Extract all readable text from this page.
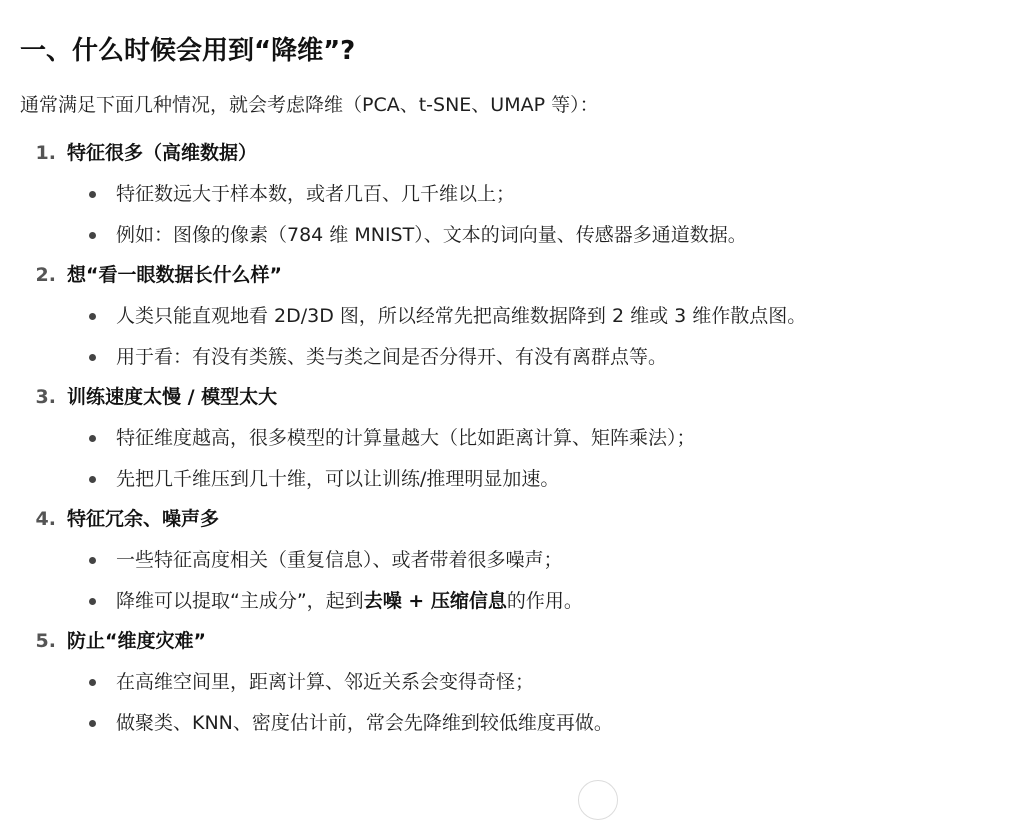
一、什么时候会用到“降维”?

通常满足下面几种情况，就会考虑降维（PCA、t-SNE、UMAP 等）：

1. 特征很多（高维数据）
特征数远大于样本数，或者几百、几千维以上；
例如：图像的像素（784 维 MNIST）、文本的词向量、传感器多通道数据。
2. 想“看一眼数据长什么样”
人类只能直观地看 2D/3D 图，所以经常先把高维数据降到 2 维或 3 维作散点图。
用于看：有没有类簇、类与类之间是否分得开、有没有离群点等。
3. 训练速度太慢 / 模型太大
特征维度越高，很多模型的计算量越大（比如距离计算、矩阵乘法）；
先把几千维压到几十维，可以让训练/推理明显加速。
4. 特征冗余、噪声多
一些特征高度相关（重复信息）、或者带着很多噪声；
降维可以提取“主成分”，起到去噪 + 压缩信息的作用。
5. 防止“维度灾难”
在高维空间里，距离计算、邻近关系会变得奇怪；
做聚类、KNN、密度估计前，常会先降维到较低维度再做。
